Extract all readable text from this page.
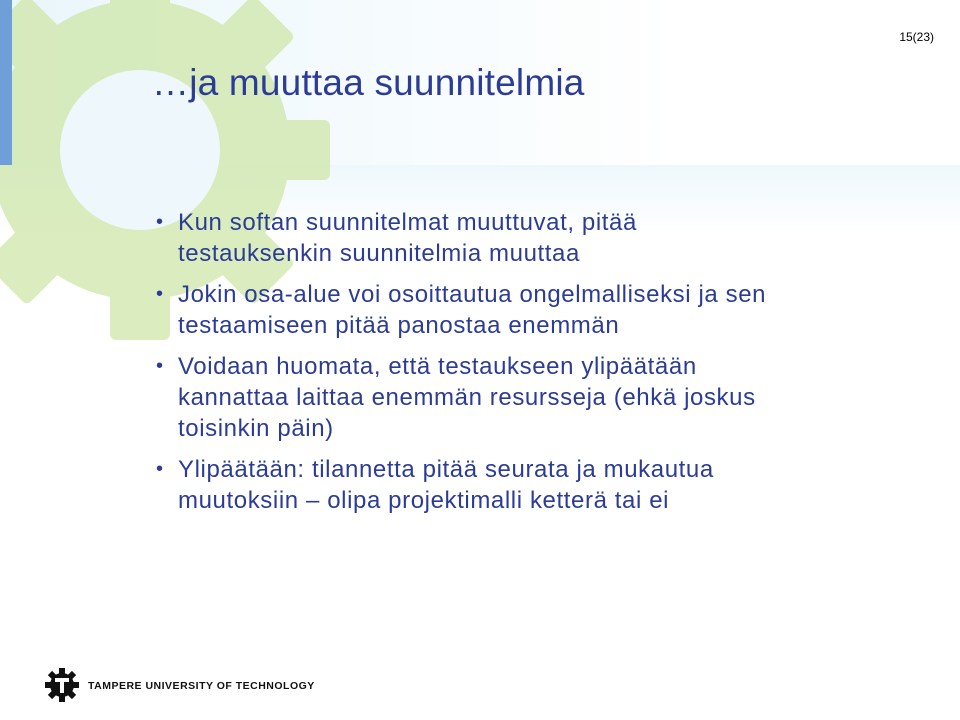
15(23)
…ja muuttaa suunnitelmia
• Kun softan suunnitelmat muuttuvat, pitää
testauksenkin suunnitelmia muuttaa
• Jokin osa-alue voi osoittautua ongelmalliseksi ja sen
testaamiseen pitää panostaa enemmän
• Voidaan huomata, että testaukseen ylipäätään
kannattaa laittaa enemmän resursseja (ehkä joskus
toisinkin päin)
• Ylipäätään: tilannetta pitää seurata ja mukautua
muutoksiin – olipa projektimalli ketterä tai ei
TAMPERE UNIVERSITY OF TECHNOLOGY
